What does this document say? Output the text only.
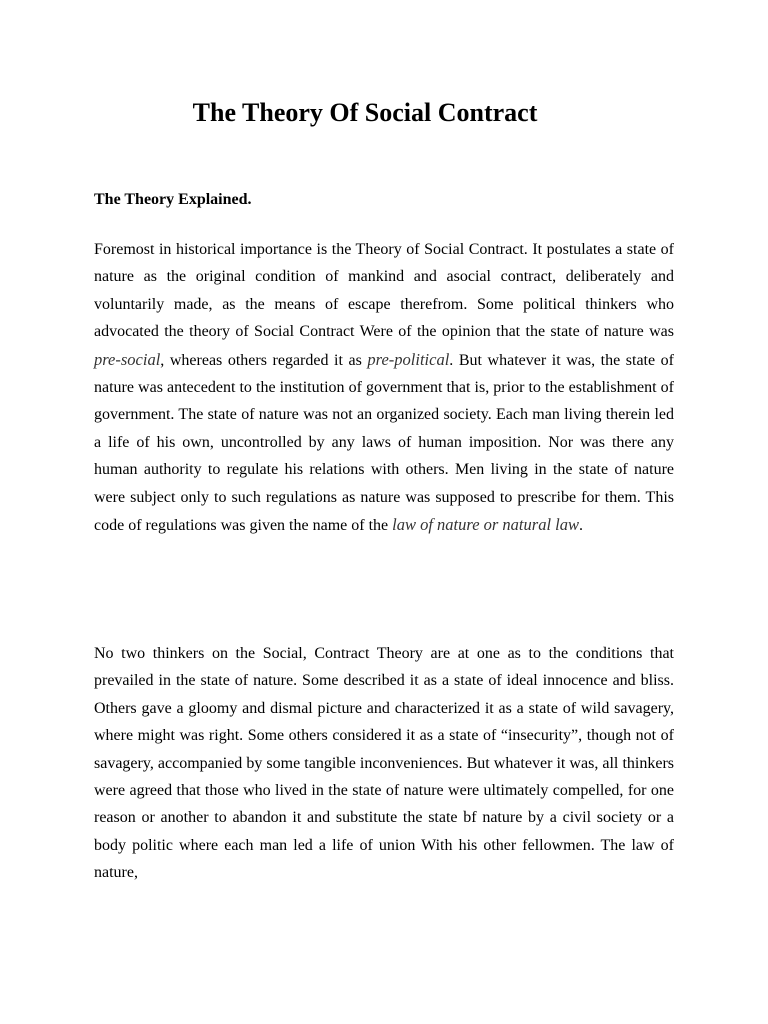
The Theory Of Social Contract

The Theory Explained.

Foremost in historical importance is the Theory of Social Contract. It postulates a state of nature as the original condition of mankind and asocial contract, deliberately and voluntarily made, as the means of escape therefrom. Some political thinkers who advocated the theory of Social Contract Were of the opinion that the state of nature was pre-social, whereas others regarded it as pre-political. But whatever it was, the state of nature was antecedent to the institution of government that is, prior to the establishment of government. The state of nature was not an organized society. Each man living therein led a life of his own, uncontrolled by any laws of human imposition. Nor was there any human authority to regulate his relations with others. Men living in the state of nature were subject only to such regulations as nature was supposed to prescribe for them. This code of regulations was given the name of the law of nature or natural law.

No two thinkers on the Social, Contract Theory are at one as to the conditions that prevailed in the state of nature. Some described it as a state of ideal innocence and bliss. Others gave a gloomy and dismal picture and characterized it as a state of wild savagery, where might was right. Some others considered it as a state of “insecurity”, though not of savagery, accompanied by some tangible inconveniences. But whatever it was, all thinkers were agreed that those who lived in the state of nature were ultimately compelled, for one reason or another to abandon it and substitute the state bf nature by a civil society or a body politic where each man led a life of union With his other fellowmen. The law of nature,
